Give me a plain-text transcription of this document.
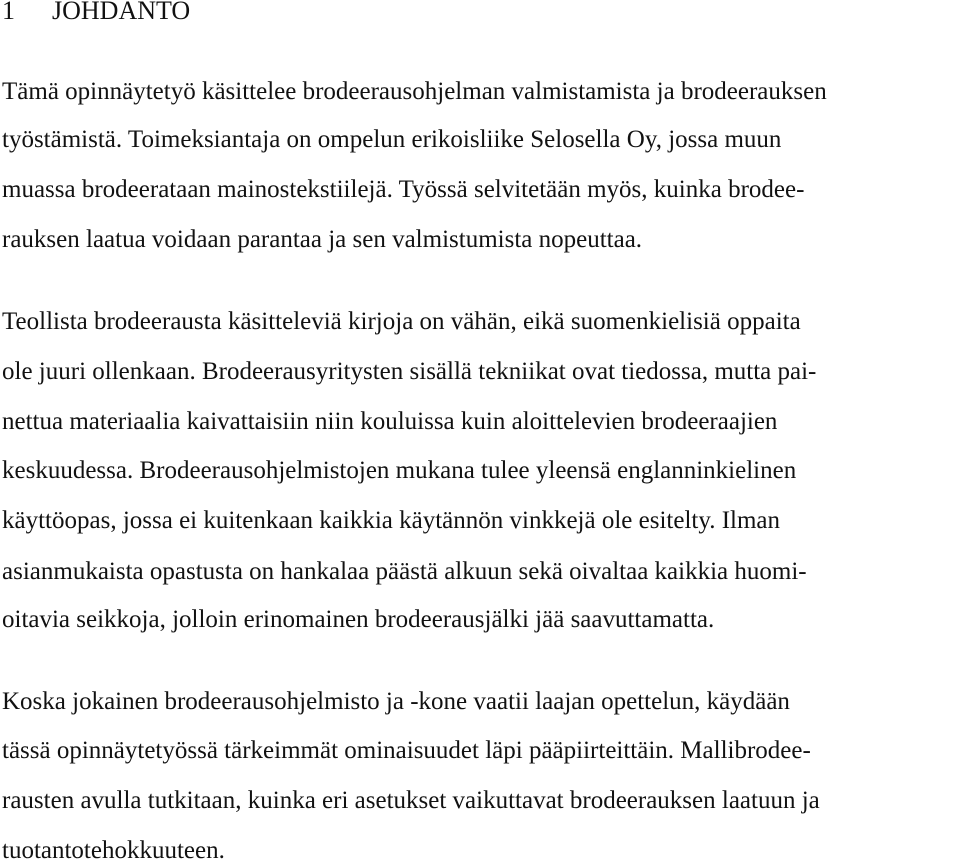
1 JOHDANTO
Tämä opinnäytetyö käsittelee brodeerausohjelman valmistamista ja brodeerauksen
työstämistä. Toimeksiantaja on ompelun erikoisliike Selosella Oy, jossa muun
muassa brodeerataan mainostekstiilejä. Työssä selvitetään myös, kuinka brodee-
rauksen laatua voidaan parantaa ja sen valmistumista nopeuttaa.
Teollista brodeerausta käsitteleviä kirjoja on vähän, eikä suomenkielisiä oppaita
ole juuri ollenkaan. Brodeerausyritysten sisällä tekniikat ovat tiedossa, mutta pai-
nettua materiaalia kaivattaisiin niin kouluissa kuin aloittelevien brodeeraajien
keskuudessa. Brodeerausohjelmistojen mukana tulee yleensä englanninkielinen
käyttöopas, jossa ei kuitenkaan kaikkia käytännön vinkkejä ole esitelty. Ilman
asianmukaista opastusta on hankalaa päästä alkuun sekä oivaltaa kaikkia huomi-
oitavia seikkoja, jolloin erinomainen brodeerausjälki jää saavuttamatta.
Koska jokainen brodeerausohjelmisto ja -kone vaatii laajan opettelun, käydään
tässä opinnäytetyössä tärkeimmät ominaisuudet läpi pääpiirteittäin. Mallibrodee-
rausten avulla tutkitaan, kuinka eri asetukset vaikuttavat brodeerauksen laatuun ja
tuotantotehokkuuteen.
